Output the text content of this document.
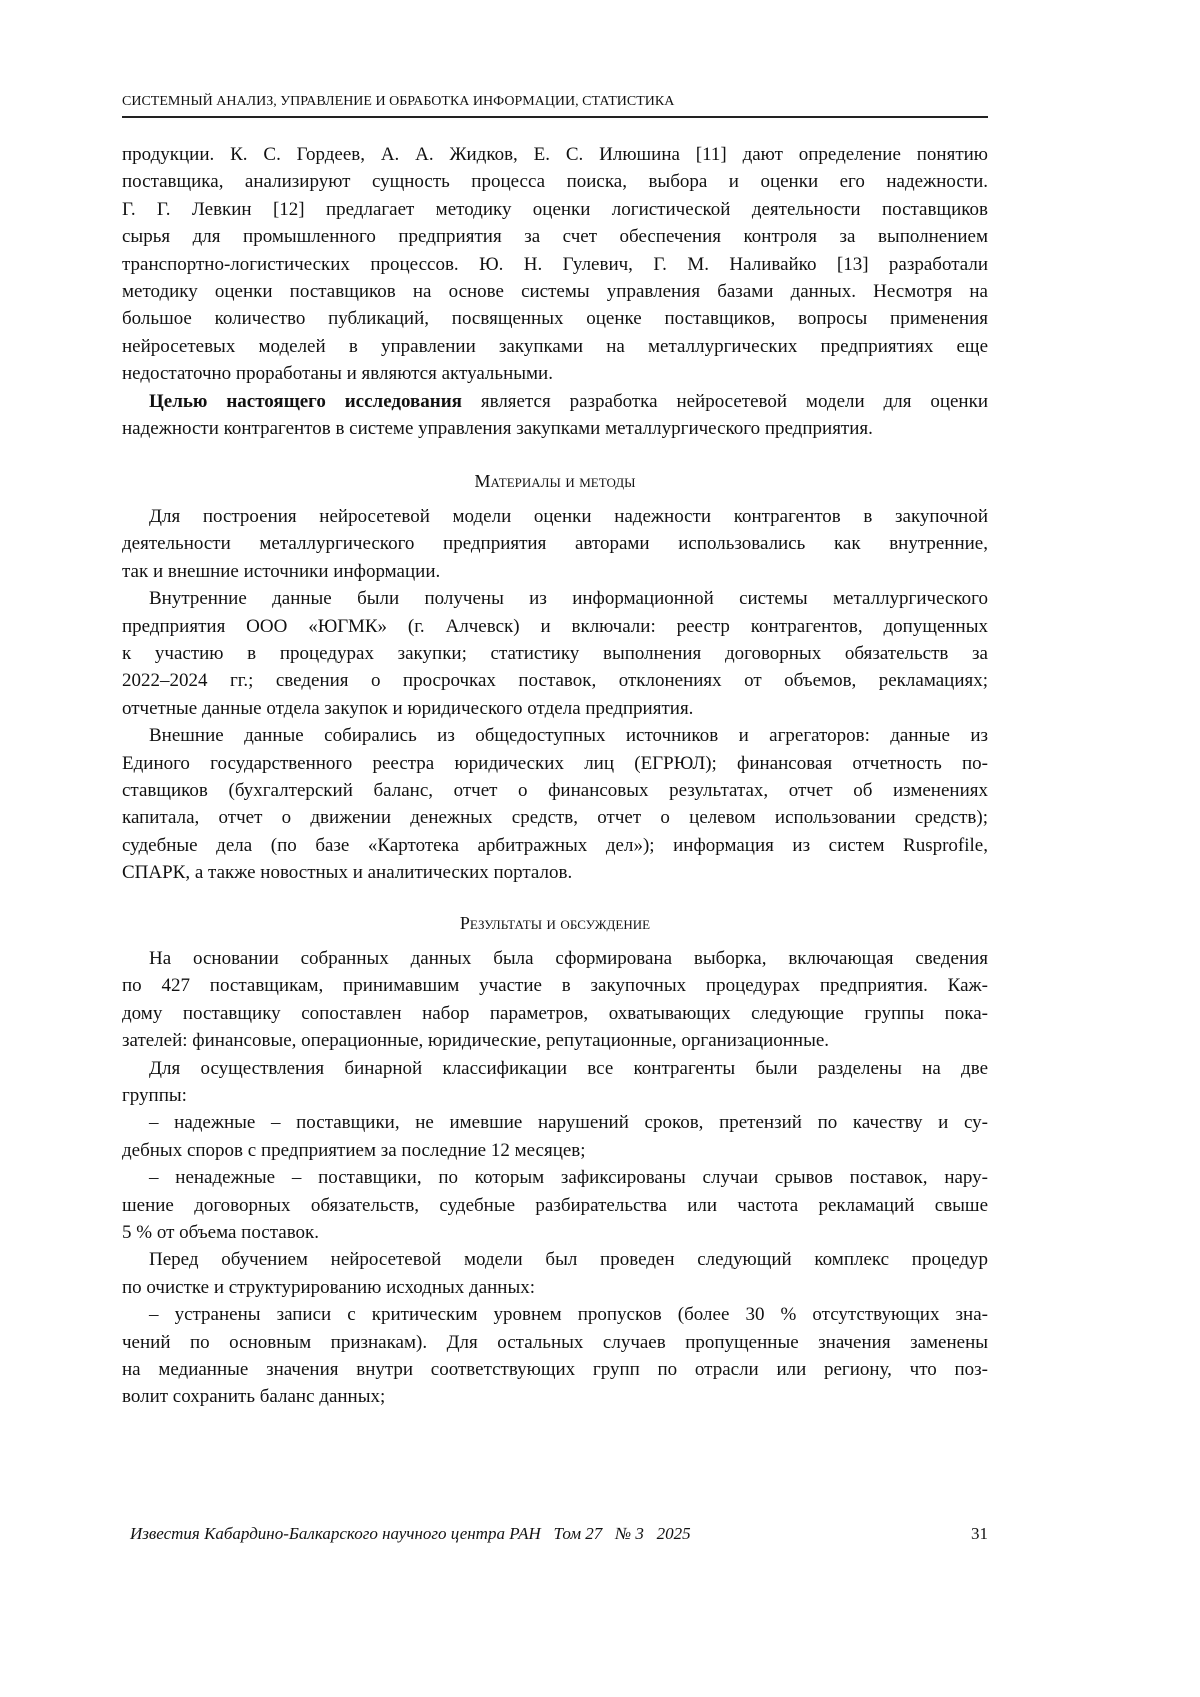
СИСТЕМНЫЙ АНАЛИЗ, УПРАВЛЕНИЕ И ОБРАБОТКА ИНФОРМАЦИИ, СТАТИСТИКА
продукции. К. С. Гордеев, А. А. Жидков, Е. С. Илюшина [11] дают определение понятию
поставщика, анализируют сущность процесса поиска, выбора и оценки его надежности.
Г. Г. Левкин [12] предлагает методику оценки логистической деятельности поставщиков
сырья для промышленного предприятия за счет обеспечения контроля за выполнением
транспортно-логистических процессов. Ю. Н. Гулевич, Г. М. Наливайко [13] разработали
методику оценки поставщиков на основе системы управления базами данных. Несмотря на
большое количество публикаций, посвященных оценке поставщиков, вопросы применения
нейросетевых моделей в управлении закупками на металлургических предприятиях еще
недостаточно проработаны и являются актуальными.
Целью настоящего исследования является разработка нейросетевой модели для оценки
надежности контрагентов в системе управления закупками металлургического предприятия.
Материалы и методы
Для построения нейросетевой модели оценки надежности контрагентов в закупочной
деятельности металлургического предприятия авторами использовались как внутренние,
так и внешние источники информации.
Внутренние данные были получены из информационной системы металлургического
предприятия ООО «ЮГМК» (г. Алчевск) и включали: реестр контрагентов, допущенных
к участию в процедурах закупки; статистику выполнения договорных обязательств за
2022–2024 гг.; сведения о просрочках поставок, отклонениях от объемов, рекламациях;
отчетные данные отдела закупок и юридического отдела предприятия.
Внешние данные собирались из общедоступных источников и агрегаторов: данные из
Единого государственного реестра юридических лиц (ЕГРЮЛ); финансовая отчетность по-
ставщиков (бухгалтерский баланс, отчет о финансовых результатах, отчет об изменениях
капитала, отчет о движении денежных средств, отчет о целевом использовании средств);
судебные дела (по базе «Картотека арбитражных дел»); информация из систем Rusprofile,
СПАРК, а также новостных и аналитических порталов.
Результаты и обсуждение
На основании собранных данных была сформирована выборка, включающая сведения
по 427 поставщикам, принимавшим участие в закупочных процедурах предприятия. Каж-
дому поставщику сопоставлен набор параметров, охватывающих следующие группы пока-
зателей: финансовые, операционные, юридические, репутационные, организационные.
Для осуществления бинарной классификации все контрагенты были разделены на две
группы:
– надежные – поставщики, не имевшие нарушений сроков, претензий по качеству и су-
дебных споров с предприятием за последние 12 месяцев;
– ненадежные – поставщики, по которым зафиксированы случаи срывов поставок, нару-
шение договорных обязательств, судебные разбирательства или частота рекламаций свыше
5 % от объема поставок.
Перед обучением нейросетевой модели был проведен следующий комплекс процедур
по очистке и структурированию исходных данных:
– устранены записи с критическим уровнем пропусков (более 30 % отсутствующих зна-
чений по основным признакам). Для остальных случаев пропущенные значения заменены
на медианные значения внутри соответствующих групп по отрасли или региону, что поз-
волит сохранить баланс данных;
Известия Кабардино-Балкарского научного центра РАН   Том 27   № 3   2025	31
